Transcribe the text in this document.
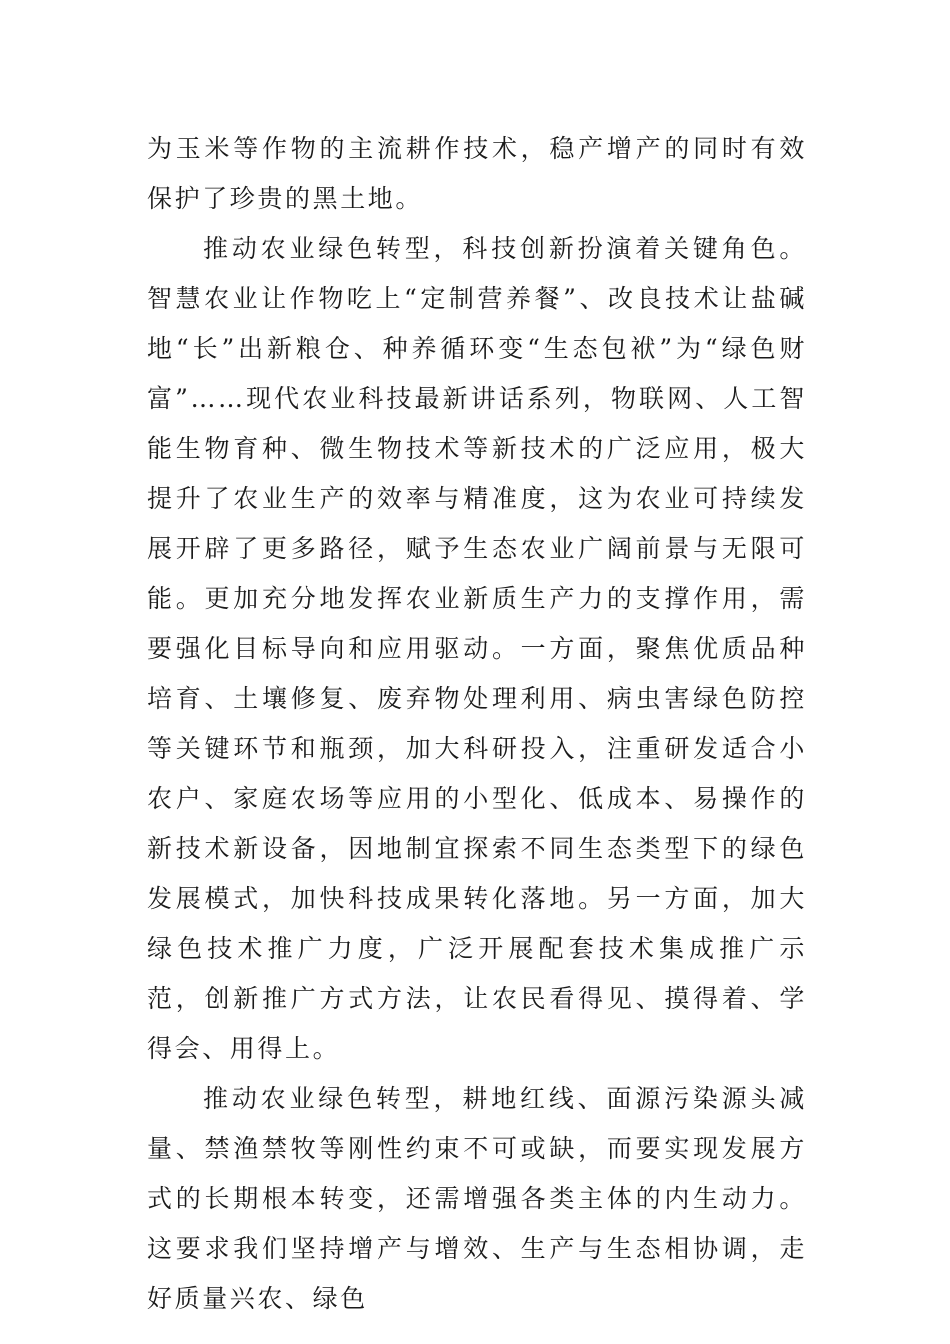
为玉米等作物的主流耕作技术，稳产增产的同时有效保护了珍贵的黑土地。

推动农业绿色转型，科技创新扮演着关键角色。智慧农业让作物吃上“定制营养餐”、改良技术让盐碱地“长”出新粮仓、种养循环变“生态包袱”为“绿色财富”……现代农业科技最新讲话系列，物联网、人工智能生物育种、微生物技术等新技术的广泛应用，极大提升了农业生产的效率与精准度，这为农业可持续发展开辟了更多路径，赋予生态农业广阔前景与无限可能。更加充分地发挥农业新质生产力的支撑作用，需要强化目标导向和应用驱动。一方面，聚焦优质品种培育、土壤修复、废弃物处理利用、病虫害绿色防控等关键环节和瓶颈，加大科研投入，注重研发适合小农户、家庭农场等应用的小型化、低成本、易操作的新技术新设备，因地制宜探索不同生态类型下的绿色发展模式，加快科技成果转化落地。另一方面，加大绿色技术推广力度，广泛开展配套技术集成推广示范，创新推广方式方法，让农民看得见、摸得着、学得会、用得上。

推动农业绿色转型，耕地红线、面源污染源头减量、禁渔禁牧等刚性约束不可或缺，而要实现发展方式的长期根本转变，还需增强各类主体的内生动力。这要求我们坚持增产与增效、生产与生态相协调，走好质量兴农、绿色
